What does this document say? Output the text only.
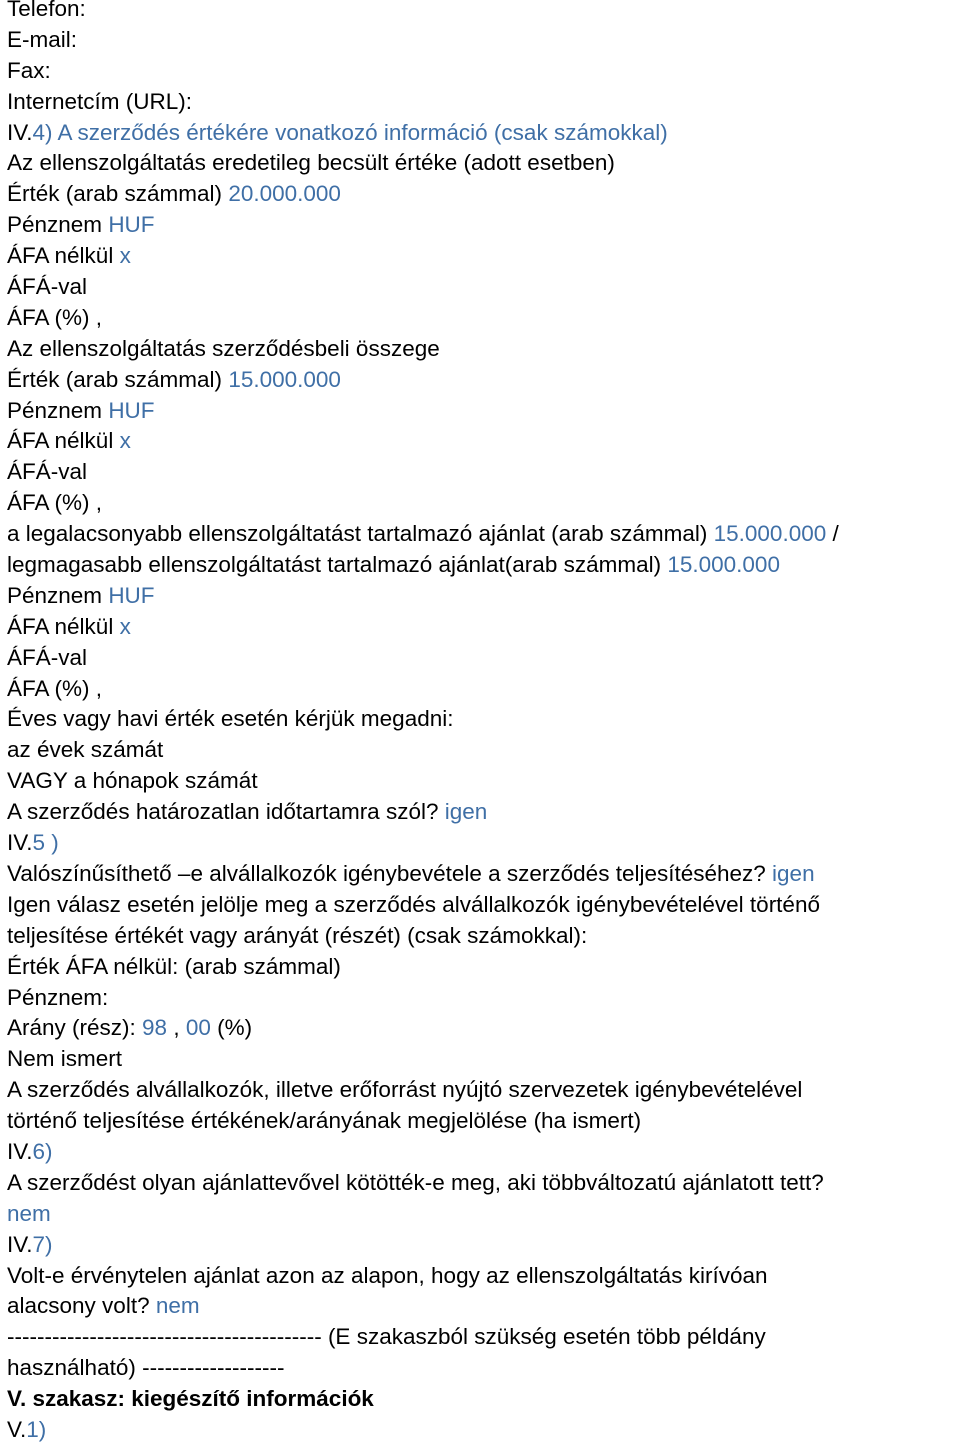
Telefon:
E-mail:
Fax:
Internetcím (URL):
IV.4) A szerződés értékére vonatkozó információ (csak számokkal)
Az ellenszolgáltatás eredetileg becsült értéke (adott esetben)
Érték (arab számmal) 20.000.000
Pénznem HUF
ÁFA nélkül x
ÁFÁ-val
ÁFA (%) ,
Az ellenszolgáltatás szerződésbeli összege
Érték (arab számmal) 15.000.000
Pénznem HUF
ÁFA nélkül x
ÁFÁ-val
ÁFA (%) ,
a legalacsonyabb ellenszolgáltatást tartalmazó ajánlat (arab számmal) 15.000.000 /
legmagasabb ellenszolgáltatást tartalmazó ajánlat(arab számmal) 15.000.000
Pénznem HUF
ÁFA nélkül x
ÁFÁ-val
ÁFA (%) ,
Éves vagy havi érték esetén kérjük megadni:
az évek számát
VAGY a hónapok számát
A szerződés határozatlan időtartamra szól? igen
IV.5 )
Valószínűsíthető –e alvállalkozók igénybevétele a szerződés teljesítéséhez? igen
Igen válasz esetén jelölje meg a szerződés alvállalkozók igénybevételével történő
teljesítése értékét vagy arányát (részét) (csak számokkal):
Érték ÁFA nélkül: (arab számmal)
Pénznem:
Arány (rész): 98 , 00 (%)
Nem ismert
A szerződés alvállalkozók, illetve erőforrást nyújtó szervezetek igénybevételével
történő teljesítése értékének/arányának megjelölése (ha ismert)
IV.6)
A szerződést olyan ajánlattevővel kötötték-e meg, aki többváltozatú ajánlatott tett?
nem
IV.7)
Volt-e érvénytelen ajánlat azon az alapon, hogy az ellenszolgáltatás kirívóan
alacsony volt? nem
------------------------------------------ (E szakaszból szükség esetén több példány
használható) -------------------
V. szakasz: kiegészítő információk
V.1)
